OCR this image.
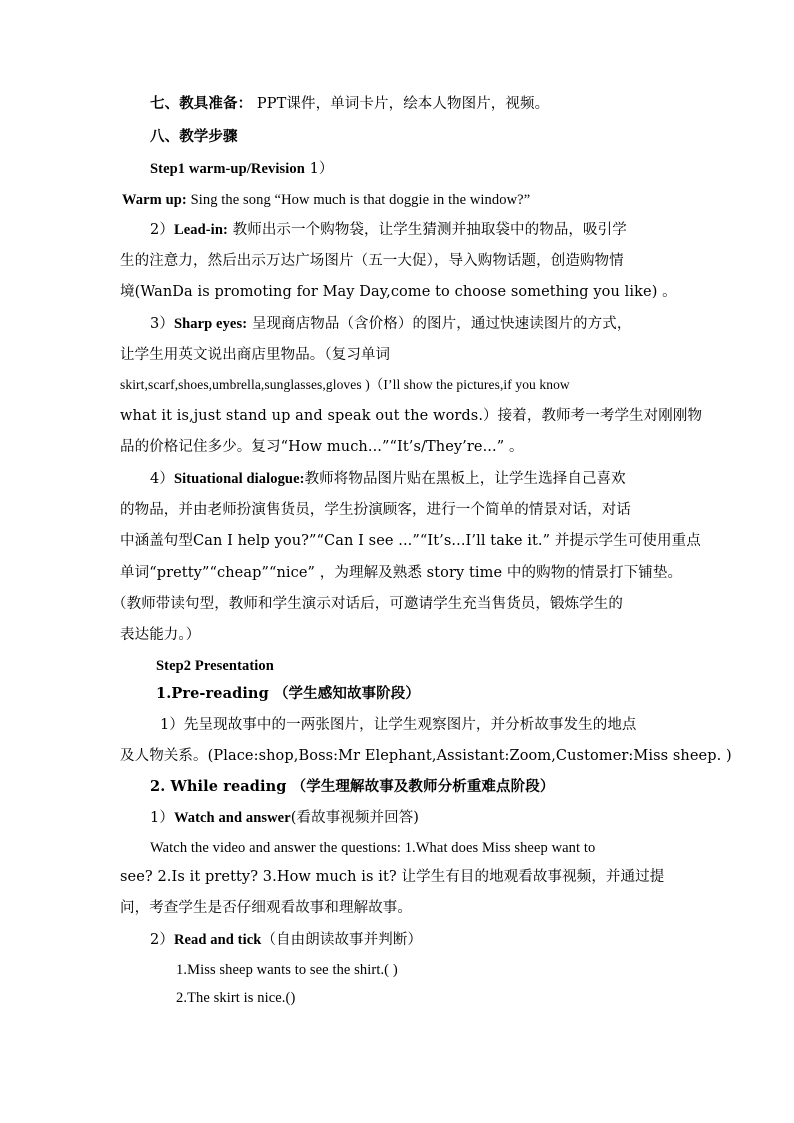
七、教具准备： PPT课件，单词卡片，绘本人物图片，视频。
八、教学步骤
Step1 warm-up/Revision 1）
Warm up: Sing the song “How much is that doggie in the window?”
2）Lead-in: 教师出示一个购物袋，让学生猜测并抽取袋中的物品，吸引学
生的注意力，然后出示万达广场图片（五一大促），导入购物话题，创造购物情
境(WanDa is promoting for May Day,come to choose something you like) 。
3）Sharp eyes: 呈现商店物品（含价格）的图片，通过快速读图片的方式，
让学生用英文说出商店里物品。（复习单词
skirt,scarf,shoes,umbrella,sunglasses,gloves )（I’ll show the pictures,if you know
what it is,just stand up and speak out the words.）接着，教师考一考学生对刚刚物
品的价格记住多少。复习“How much...”“It’s/They’re...” 。
4）Situational dialogue:教师将物品图片贴在黑板上，让学生选择自己喜欢
的物品，并由老师扮演售货员，学生扮演顾客，进行一个简单的情景对话，对话
中涵盖句型Can I help you?”“Can I see ...”“It’s...I’ll take it.” 并提示学生可使用重点
单词“pretty”“cheap”“nice” ，为理解及熟悉 story time 中的购物的情景打下铺垫。
（教师带读句型，教师和学生演示对话后，可邀请学生充当售货员，锻炼学生的
表达能力。）
Step2 Presentation
1.Pre-reading （学生感知故事阶段）
1）先呈现故事中的一两张图片，让学生观察图片，并分析故事发生的地点
及人物关系。(Place:shop,Boss:Mr Elephant,Assistant:Zoom,Customer:Miss sheep. )
2. While reading （学生理解故事及教师分析重难点阶段）
1）Watch and answer(看故事视频并回答)
Watch the video and answer the questions: 1.What does Miss sheep want to
see? 2.Is it pretty? 3.How much is it? 让学生有目的地观看故事视频，并通过提
问，考查学生是否仔细观看故事和理解故事。
2）Read and tick（自由朗读故事并判断）
1.Miss sheep wants to see the shirt.( )
2.The skirt is nice.()
